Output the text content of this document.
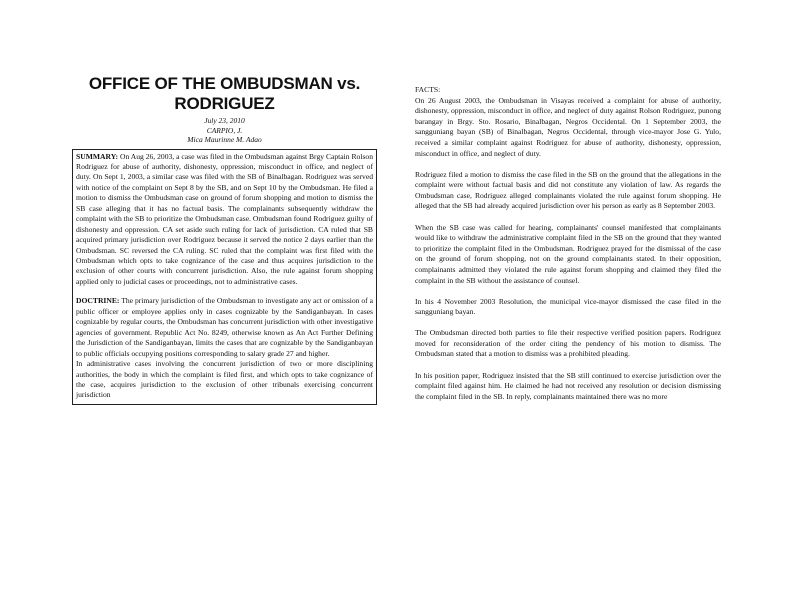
OFFICE OF THE OMBUDSMAN vs. RODRIGUEZ
July 23, 2010
CARPIO, J.
Mica Maurinne M. Adao

SUMMARY: On Aug 26, 2003, a case was filed in the Ombudsman against Brgy Captain Rolson Rodriguez for abuse of authority, dishonesty, oppression, misconduct in office, and neglect of duty. On Sept 1, 2003, a similar case was filed with the SB of Binalbagan. Rodriguez was served with notice of the complaint on Sept 8 by the SB, and on Sept 10 by the Ombudsman. He filed a motion to dismiss the Ombudsman case on ground of forum shopping and motion to dismiss the SB case alleging that it has no factual basis. The complainants subsequently withdraw the complaint with the SB to prioritize the Ombudsman case. Ombudsman found Rodriguez guilty of dishonesty and oppression. CA set aside such ruling for lack of jurisdiction. CA ruled that SB acquired primary jurisdiction over Rodriguez because it served the notice 2 days earlier than the Ombudsman. SC reversed the CA ruling. SC ruled that the complaint was first filed with the Ombudsman which opts to take cognizance of the case and thus acquires jurisdiction to the exclusion of other courts with concurrent jurisdiction. Also, the rule against forum shopping applied only to judicial cases or proceedings, not to administrative cases.

DOCTRINE: The primary jurisdiction of the Ombudsman to investigate any act or omission of a public officer or employee applies only in cases cognizable by the Sandiganbayan. In cases cognizable by regular courts, the Ombudsman has concurrent jurisdiction with other investigative agencies of government. Republic Act No. 8249, otherwise known as An Act Further Defining the Jurisdiction of the Sandiganbayan, limits the cases that are cognizable by the Sandiganbayan to public officials occupying positions corresponding to salary grade 27 and higher.

In administrative cases involving the concurrent jurisdiction of two or more disciplining authorities, the body in which the complaint is filed first, and which opts to take cognizance of the case, acquires jurisdiction to the exclusion of other tribunals exercising concurrent jurisdiction

FACTS:

On 26 August 2003, the Ombudsman in Visayas received a complaint for abuse of authority, dishonesty, oppression, misconduct in office, and neglect of duty against Rolson Rodriguez, punong barangay in Brgy. Sto. Rosario, Binalbagan, Negros Occidental. On 1 September 2003, the sangguniang bayan (SB) of Binalbagan, Negros Occidental, through vice-mayor Jose G. Yulo, received a similar complaint against Rodriguez for abuse of authority, dishonesty, oppression, misconduct in office, and neglect of duty.

Rodriguez filed a motion to dismiss the case filed in the SB on the ground that the allegations in the complaint were without factual basis and did not constitute any violation of law. As regards the Ombudsman case, Rodriguez alleged complainants violated the rule against forum shopping. He alleged that the SB had already acquired jurisdiction over his person as early as 8 September 2003.

When the SB case was called for hearing, complainants' counsel manifested that complainants would like to withdraw the administrative complaint filed in the SB on the ground that they wanted to prioritize the complaint filed in the Ombudsman. Rodriguez prayed for the dismissal of the case on the ground of forum shopping, not on the ground complainants stated. In their opposition, complainants admitted they violated the rule against forum shopping and claimed they filed the complaint in the SB without the assistance of counsel.

In his 4 November 2003 Resolution, the municipal vice-mayor dismissed the case filed in the sangguniang bayan.

The Ombudsman directed both parties to file their respective verified position papers. Rodriguez moved for reconsideration of the order citing the pendency of his motion to dismiss. The Ombudsman stated that a motion to dismiss was a prohibited pleading.

In his position paper, Rodriguez insisted that the SB still continued to exercise jurisdiction over the complaint filed against him. He claimed he had not received any resolution or decision dismissing the complaint filed in the SB. In reply, complainants maintained there was no more
